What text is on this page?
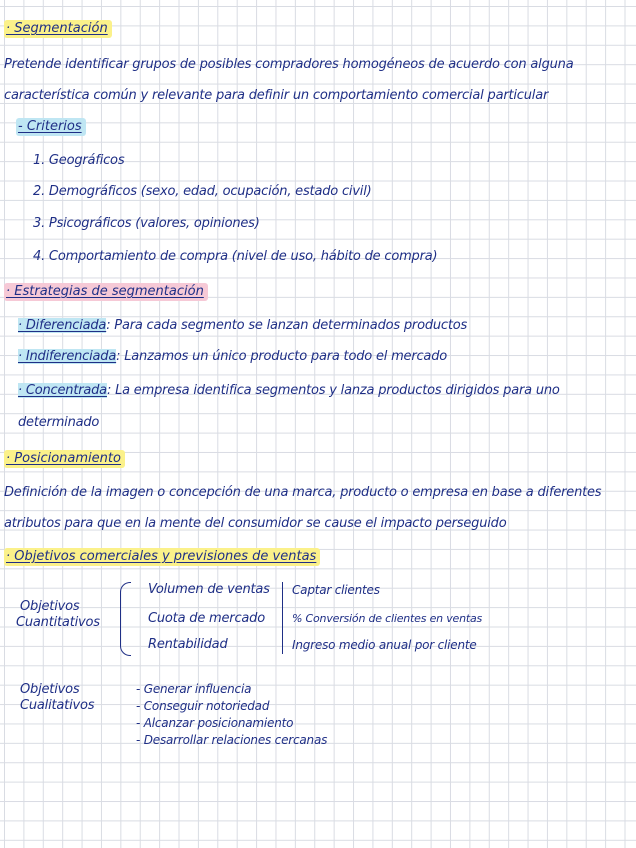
· Segmentación
Pretende identificar grupos de posibles compradores homogéneos de acuerdo con alguna
característica común y relevante para definir un comportamiento comercial particular
- Criterios
1. Geográficos
2. Demográficos (sexo, edad, ocupación, estado civil)
3. Psicográficos (valores, opiniones)
4. Comportamiento de compra (nivel de uso, hábito de compra)
· Estrategias de segmentación
· Diferenciada: Para cada segmento se lanzan determinados productos
· Indiferenciada: Lanzamos un único producto para todo el mercado
· Concentrada: La empresa identifica segmentos y lanza productos dirigidos para uno
determinado
· Posicionamiento
Definición de la imagen o concepción de una marca, producto o empresa en base a diferentes
atributos para que en la mente del consumidor se cause el impacto perseguido
· Objetivos comerciales y previsiones de ventas
Objetivos
Cuantitativos
Volumen de ventas
Cuota de mercado
Rentabilidad
Captar clientes
% Conversión de clientes en ventas
Ingreso medio anual por cliente
Objetivos
Cualitativos
- Generar influencia
- Conseguir notoriedad
- Alcanzar posicionamiento
- Desarrollar relaciones cercanas
